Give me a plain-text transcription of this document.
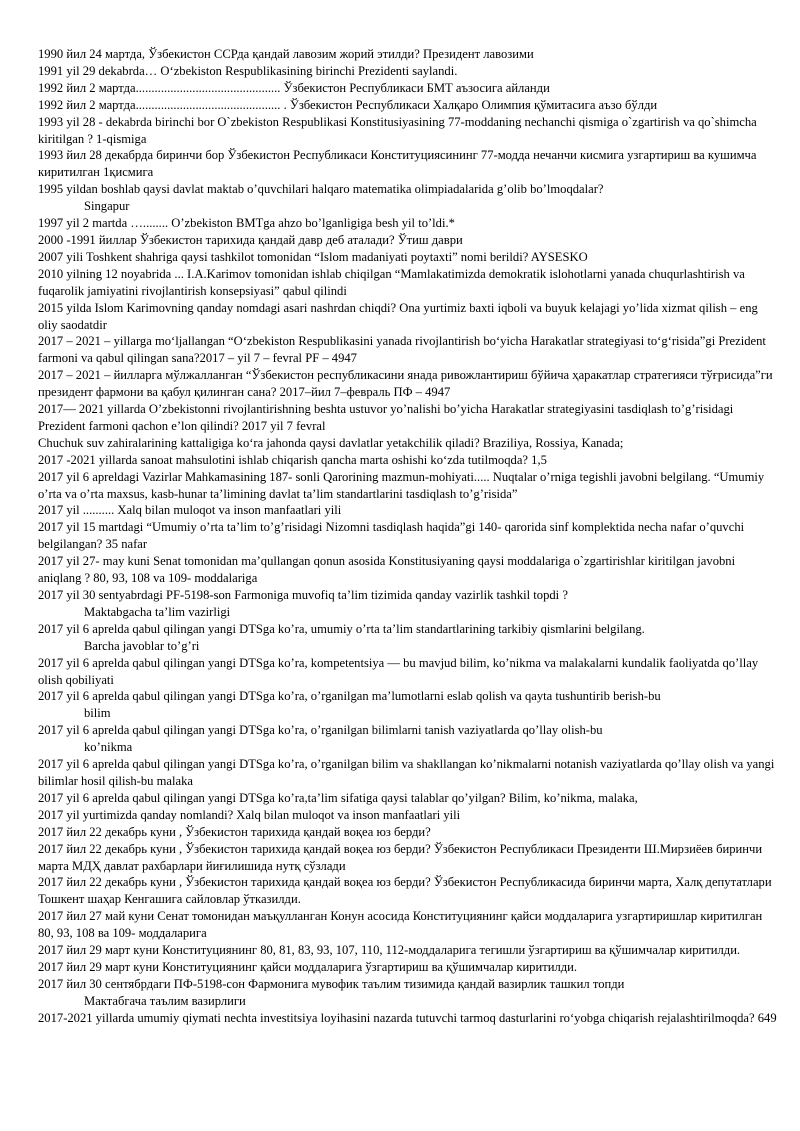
1990 йил 24 мартда, Ўзбекистон ССРда қандай лавозим жорий этилди? Президент лавозими
1991 yil 29 dekabrda… O‘zbekiston Respublikasining birinchi Prezidenti saylandi.
1992 йил 2 мартда.............................................. Ўзбекистон Республикаси БМТ аъзосига айланди
1992 йил 2 мартда.............................................. . Ўзбекистон Республикаси Халқаро Олимпия қўмитасига аъзо бўлди
1993 yil 28 - dekabrda birinchi bor O`zbekiston Respublikasi Konstitusiyasining 77-moddaning nechanchi qismiga o`zgartirish va qo`shimcha kiritilgan ? 1-qismiga
1993 йил 28 декабрда биринчи бор Ўзбекистон Республикаси Конституциясининг 77-модда нечанчи кисмига узгартириш ва кушимча киритилган 1қисмига
1995 yildan boshlab qaysi davlat maktab o’quvchilari halqaro matematika olimpiadalarida g’olib bo’lmoqdalar?
Singapur
1997 yil 2 martda …........ O’zbekiston BMTga ahzo bo’lganligiga besh yil to’ldi.*
2000 -1991 йиллар Ўзбекистон тарихида қандай давр деб аталади? Ўтиш даври
2007 yili Toshkent shahriga qaysi tashkilot tomonidan “Islom madaniyati poytaxti” nomi berildi? AYSESKO
2010 yilning 12 noyabrida ... I.A.Karimov tomonidan ishlab chiqilgan “Mamlakatimizda demokratik islohotlarni yanada chuqurlashtirish va fuqarolik jamiyatini rivojlantirish konsepsiyasi” qabul qilindi
2015 yilda Islom Karimovning qanday nomdagi asari nashrdan chiqdi? Ona yurtimiz baxti iqboli va buyuk kelajagi yo’lida xizmat qilish – eng oliy saodatdir
2017 – 2021 – yillarga mo‘ljallangan “O‘zbekiston Respublikasini yanada rivojlantirish bo‘yicha Harakatlar strategiyasi to‘g‘risida”gi Prezident farmoni va qabul qilingan sana?2017 – yil 7 – fevral PF – 4947
2017 – 2021 – йилларга мўлжалланган “Ўзбекистон республикасини янада ривожлантириш бўйича ҳаракатлар стратегияси тўғрисида”ги президент фармони ва қабул қилинган сана? 2017–йил 7–февраль ПФ – 4947
2017— 2021 yillarda O’zbekistonni rivojlantirishning beshta ustuvor yo’nalishi bo’yicha Harakatlar strategiyasini tasdiqlash to’g’risidagi Prezident farmoni qachon e’lon qilindi? 2017 yil 7 fevral
Chuchuk suv zahiralarining kattaligiga ko‘ra jahonda qaysi davlatlar yetakchilik qiladi? Braziliya, Rossiya, Kanada;
2017 -2021 yillarda sanoat mahsulotini ishlab chiqarish qancha marta oshishi ko‘zda tutilmoqda? 1,5
2017 yil 6 apreldagi Vazirlar Mahkamasining 187- sonli Qarorining mazmun-mohiyati..... Nuqtalar o’rniga tegishli javobni belgilang. “Umumiy o’rta va o’rta maxsus, kasb-hunar ta’limining davlat ta’lim standartlarini tasdiqlash to’g’risida”
2017 yil .......... Xalq bilan muloqot va inson manfaatlari yili
2017 yil 15 martdagi “Umumiy o’rta ta’lim to’g’risidagi Nizomni tasdiqlash haqida”gi 140- qarorida sinf komplektida necha nafar o’quvchi belgilangan? 35 nafar
2017 yil 27- may kuni Senat tomonidan ma’qullangan qonun asosida Konstitusiyaning qaysi moddalariga o`zgartirishlar kiritilgan javobni aniqlang ? 80, 93, 108 va 109- moddalariga
2017 yil 30 sentyabrdagi PF-5198-son Farmoniga muvofiq ta’lim tizimida qanday vazirlik tashkil topdi ?
Maktabgacha ta’lim vazirligi
2017 yil 6 aprelda qabul qilingan yangi DTSga ko’ra, umumiy o’rta ta’lim standartlarining tarkibiy qismlarini belgilang.
Barcha javoblar to’g’ri
2017 yil 6 aprelda qabul qilingan yangi DTSga ko’ra, kompetentsiya — bu mavjud bilim, ko’nikma va malakalarni kundalik faoliyatda qo’llay olish qobiliyati
2017 yil 6 aprelda qabul qilingan yangi DTSga ko’ra, o’rganilgan ma’lumotlarni eslab qolish va qayta tushuntirib berish-bu
bilim
2017 yil 6 aprelda qabul qilingan yangi DTSga ko’ra, o’rganilgan bilimlarni tanish vaziyatlarda qo’llay olish-bu
ko’nikma
2017 yil 6 aprelda qabul qilingan yangi DTSga ko’ra, o’rganilgan bilim va shakllangan ko’nikmalarni notanish vaziyatlarda qo’llay olish va yangi bilimlar hosil qilish-bu malaka
2017 yil 6 aprelda qabul qilingan yangi DTSga ko’ra,ta’lim sifatiga qaysi talablar qo’yilgan? Bilim, ko’nikma, malaka,
2017 yil yurtimizda qanday nomlandi? Xalq bilan muloqot va inson manfaatlari yili
2017 йил 22 декабрь куни , Ўзбекистон тарихида қандай воқеа юз берди?
2017 йил 22 декабрь куни , Ўзбекистон тарихида қандай воқеа юз берди? Ўзбекистон Республикаси Президенти Ш.Мирзиёев биринчи марта МДҲ давлат рахбарлари йиғилишида нутқ сўзлади
2017 йил 22 декабрь куни , Ўзбекистон тарихида қандай воқеа юз берди? Ўзбекистон Республикасида биринчи марта, Халқ депутатлари Тошкент шаҳар Кенгашига сайловлар ўтказилди.
2017 йил 27 май куни Сенат томонидан маъқулланган Конун асосида Конституциянинг қайси моддаларига узгартиришлар киритилган 80, 93, 108 ва 109- моддаларига
2017 йил 29 март куни Конституциянинг 80, 81, 83, 93, 107, 110, 112-моддаларига тегишли ўзгартириш ва қўшимчалар киритилди.
2017 йил 29 март куни Конституциянинг қайси моддаларига ўзгартириш ва қўшимчалар киритилди.
2017 йил 30 сентябрдаги ПФ-5198-сон Фармонига мувофик таълим тизимида қандай вазирлик ташкил топди
Мактабгача таълим вазирлиги
2017-2021 yillarda umumiy qiymati nechta investitsiya loyihasini nazarda tutuvchi tarmoq dasturlarini ro‘yobga chiqarish rejalashtirilmoqda? 649
